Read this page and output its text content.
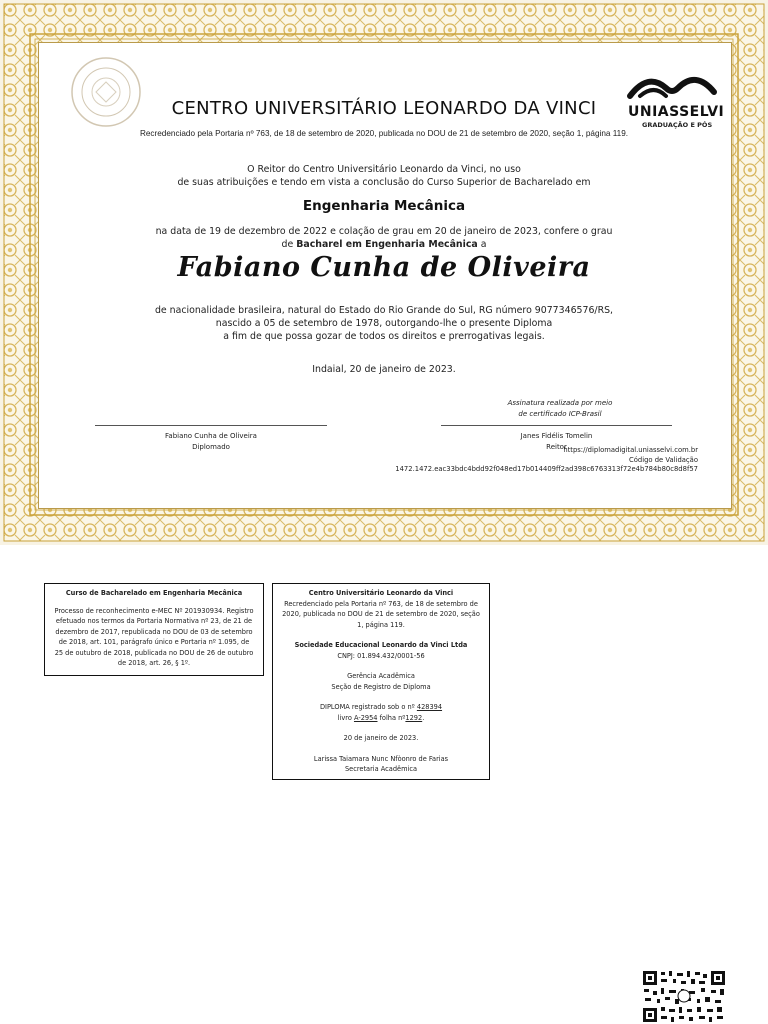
UNIASSELVI
GRADUAÇÃO E PÓS
CENTRO UNIVERSITÁRIO LEONARDO DA VINCI
Recredenciado pela Portaria nº 763, de 18 de setembro de 2020, publicada no DOU de 21 de setembro de 2020, seção 1, página 119.
O Reitor do Centro Universitário Leonardo da Vinci, no uso
de suas atribuições e tendo em vista a conclusão do Curso Superior de Bacharelado em
Engenharia Mecânica
na data de 19 de dezembro de 2022 e colação de grau em 20 de janeiro de 2023, confere o grau
de Bacharel em Engenharia Mecânica a
Fabiano Cunha de Oliveira
de nacionalidade brasileira, natural do Estado do Rio Grande do Sul, RG número 9077346576/RS,
nascido a 05 de setembro de 1978, outorgando-lhe o presente Diploma
a fim de que possa gozar de todos os direitos e prerrogativas legais.
Indaial, 20 de janeiro de 2023.
Assinatura realizada por meio
de certificado ICP-Brasil
Fabiano Cunha de Oliveira
Diplomado
Janes Fidélis Tomelin
Reitor
https://diplomadigital.uniasselvi.com.br
Código de Validação
1472.1472.eac33bdc4bdd92f048ed17b014409ff2ad398c6763313f72e4b784b80c8d8f57

Curso de Bacharelado em Engenharia Mecânica

Processo de reconhecimento e-MEC Nº 201930934. Registro

efetuado nos termos da Portaria Normativa nº 23, de 21 de

dezembro de 2017, republicada no DOU de 03 de setembro

de 2018, art. 101, parágrafo único e Portaria nº 1.095, de

25 de outubro de 2018, publicada no DOU de 26 de outubro

de 2018, art. 26, § 1º.

Centro Universitário Leonardo da Vinci

Recredenciado pela Portaria nº 763, de 18 de setembro de

2020, publicada no DOU de 21 de setembro de 2020, seção

1, página 119.

Sociedade Educacional Leonardo da Vinci Ltda

CNPJ: 01.894.432/0001-56

Gerência Acadêmica

Seção de Registro de Diploma

DIPLOMA registrado sob o nº 428394

livro A-2954 folha nº1292.

20 de janeiro de 2023.

Larissa Taiamara Nunc Nfòonro de Farias

Secretaria Acadêmica
